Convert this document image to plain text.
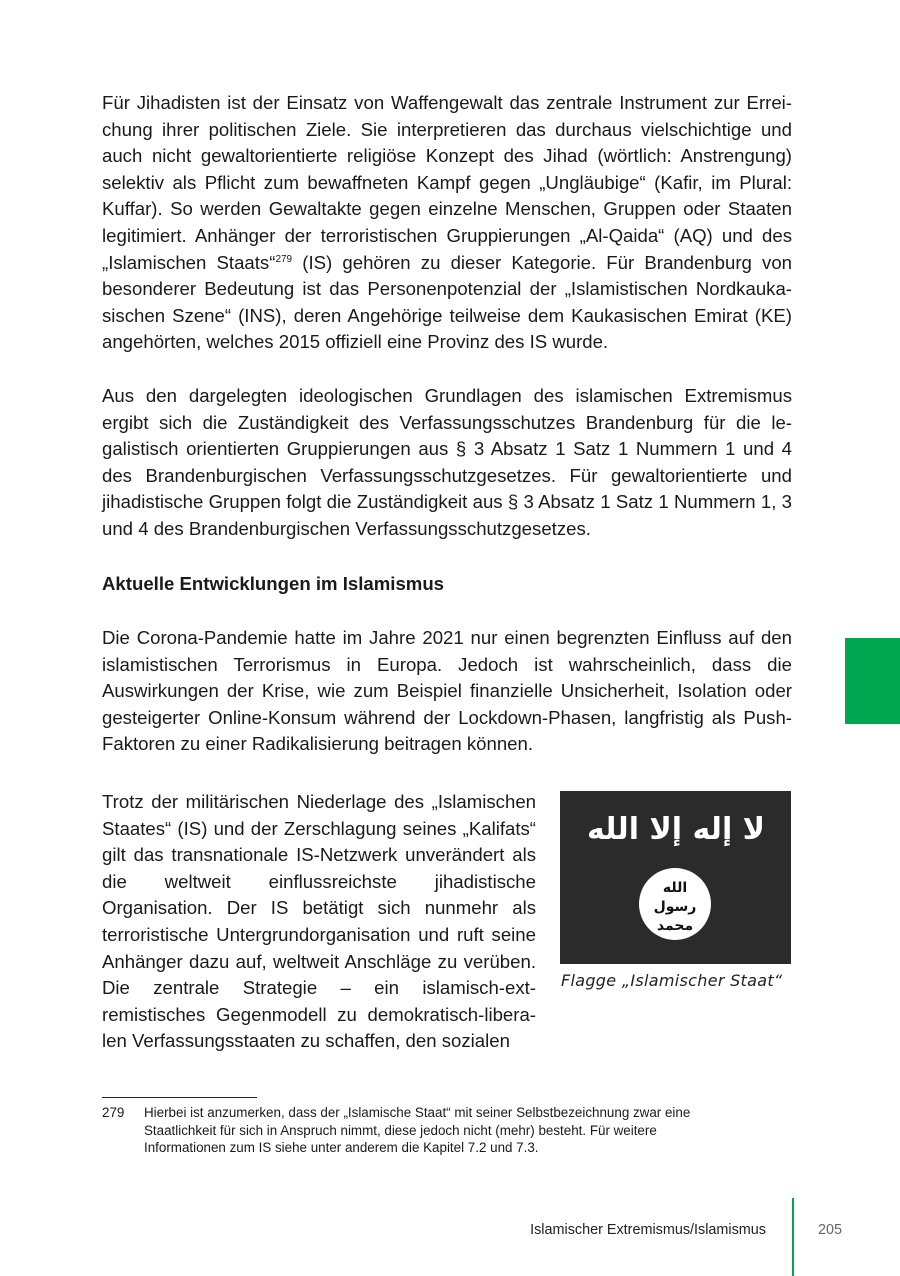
Für Jihadisten ist der Einsatz von Waffengewalt das zentrale Instrument zur Erreichung ihrer politischen Ziele. Sie interpretieren das durchaus vielschichtige und auch nicht gewaltorientierte religiöse Konzept des Jihad (wörtlich: Anstrengung) selektiv als Pflicht zum bewaffneten Kampf gegen „Ungläubige“ (Kafir, im Plural: Kuffar). So werden Gewaltakte gegen einzelne Menschen, Gruppen oder Staaten legitimiert. Anhänger der terroristischen Gruppierungen „Al-Qaida“ (AQ) und des „Islamischen Staats“$^{279}$ (IS) gehören zu dieser Kategorie. Für Brandenburg von besonderer Bedeutung ist das Personenpotenzial der „Islamistischen Nordkaukasischen Szene“ (INS), deren Angehörige teilweise dem Kaukasischen Emirat (KE) angehörten, welches 2015 offiziell eine Provinz des IS wurde.

Aus den dargelegten ideologischen Grundlagen des islamischen Extremismus ergibt sich die Zuständigkeit des Verfassungsschutzes Brandenburg für die legalistisch orientierten Gruppierungen aus § 3 Absatz 1 Satz 1 Nummern 1 und 4 des Brandenburgischen Verfassungsschutzgesetzes. Für gewaltorientierte und jihadistische Gruppen folgt die Zuständigkeit aus § 3 Absatz 1 Satz 1 Nummern 1, 3 und 4 des Brandenburgischen Verfassungsschutzgesetzes.

Aktuelle Entwicklungen im Islamismus

Die Corona-Pandemie hatte im Jahre 2021 nur einen begrenzten Einfluss auf den islamistischen Terrorismus in Europa. Jedoch ist wahrscheinlich, dass die Auswirkungen der Krise, wie zum Beispiel finanzielle Unsicherheit, Isolation oder gesteigerter Online-Konsum während der Lockdown-Phasen, langfristig als Push-Faktoren zu einer Radikalisierung beitragen können.

Trotz der militärischen Niederlage des „Islamischen Staates“ (IS) und der Zerschlagung seines „Kalifats“ gilt das transnationale IS-Netzwerk unverändert als die weltweit einflussreichste jihadistische Organisation. Der IS betätigt sich nunmehr als terroristische Untergrundorganisation und ruft seine Anhänger dazu auf, weltweit Anschläge zu verüben. Die zentrale Strategie – ein islamisch-extremistisches Gegenmodell zu demokratisch-liberalen Verfassungsstaaten zu schaffen, den sozialen

لا إله إلا الله
الله
رسول
محمد

Flagge „Islamischer Staat“

279	Hierbei ist anzumerken, dass der „Islamische Staat“ mit seiner Selbstbezeichnung zwar eine Staatlichkeit für sich in Anspruch nimmt, diese jedoch nicht (mehr) besteht. Für weitere Informationen zum IS siehe unter anderem die Kapitel 7.2 und 7.3.

Islamischer Extremismus/Islamismus	205
